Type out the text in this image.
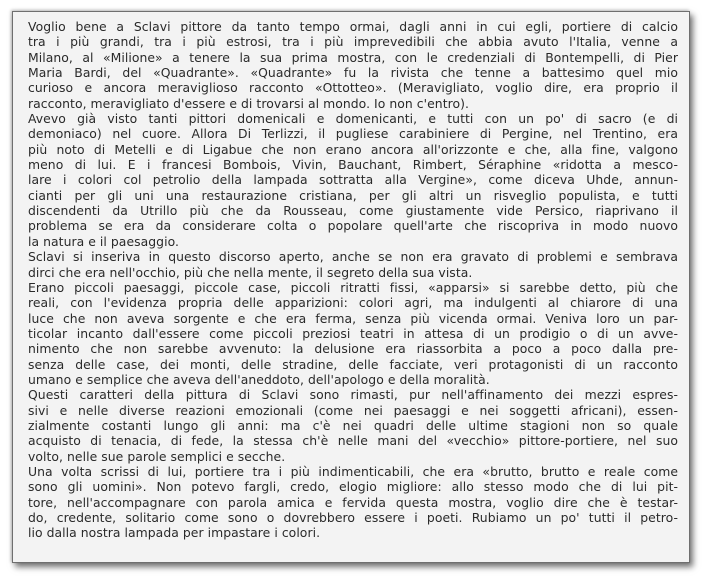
Voglio bene a Sclavi pittore da tanto tempo ormai, dagli anni in cui egli, portiere di calcio
tra i più grandi, tra i più estrosi, tra i più imprevedibili che abbia avuto l'Italia, venne a
Milano, al «Milione» a tenere la sua prima mostra, con le credenziali di Bontempelli, di Pier
Maria Bardi, del «Quadrante». «Quadrante» fu la rivista che tenne a battesimo quel mio
curioso e ancora meraviglioso racconto «Ottotteo». (Meravigliato, voglio dire, era proprio il
racconto, meravigliato d'essere e di trovarsi al mondo. Io non c'entro).
Avevo già visto tanti pittori domenicali e domenicanti, e tutti con un po' di sacro (e di
demoniaco) nel cuore. Allora Di Terlizzi, il pugliese carabiniere di Pergine, nel Trentino, era
più noto di Metelli e di Ligabue che non erano ancora all'orizzonte e che, alla fine, valgono
meno di lui. E i francesi Bombois, Vivin, Bauchant, Rimbert, Séraphine «ridotta a mesco-
lare i colori col petrolio della lampada sottratta alla Vergine», come diceva Uhde, annun-
cianti per gli uni una restaurazione cristiana, per gli altri un risveglio populista, e tutti
discendenti da Utrillo più che da Rousseau, come giustamente vide Persico, riaprivano il
problema se era da considerare colta o popolare quell'arte che riscopriva in modo nuovo
la natura e il paesaggio.
Sclavi si inseriva in questo discorso aperto, anche se non era gravato di problemi e sembrava
dirci che era nell'occhio, più che nella mente, il segreto della sua vista.
Erano piccoli paesaggi, piccole case, piccoli ritratti fissi, «apparsi» si sarebbe detto, più che
reali, con l'evidenza propria delle apparizioni: colori agri, ma indulgenti al chiarore di una
luce che non aveva sorgente e che era ferma, senza più vicenda ormai. Veniva loro un par-
ticolar incanto dall'essere come piccoli preziosi teatri in attesa di un prodigio o di un avve-
nimento che non sarebbe avvenuto: la delusione era riassorbita a poco a poco dalla pre-
senza delle case, dei monti, delle stradine, delle facciate, veri protagonisti di un racconto
umano e semplice che aveva dell'aneddoto, dell'apologo e della moralità.
Questi caratteri della pittura di Sclavi sono rimasti, pur nell'affinamento dei mezzi espres-
sivi e nelle diverse reazioni emozionali (come nei paesaggi e nei soggetti africani), essen-
zialmente costanti lungo gli anni: ma c'è nei quadri delle ultime stagioni non so quale
acquisto di tenacia, di fede, la stessa ch'è nelle mani del «vecchio» pittore-portiere, nel suo
volto, nelle sue parole semplici e secche.
Una volta scrissi di lui, portiere tra i più indimenticabili, che era «brutto, brutto e reale come
sono gli uomini». Non potevo fargli, credo, elogio migliore: allo stesso modo che di lui pit-
tore, nell'accompagnare con parola amica e fervida questa mostra, voglio dire che è testar-
do, credente, solitario come sono o dovrebbero essere i poeti. Rubiamo un po' tutti il petro-
lio dalla nostra lampada per impastare i colori.
